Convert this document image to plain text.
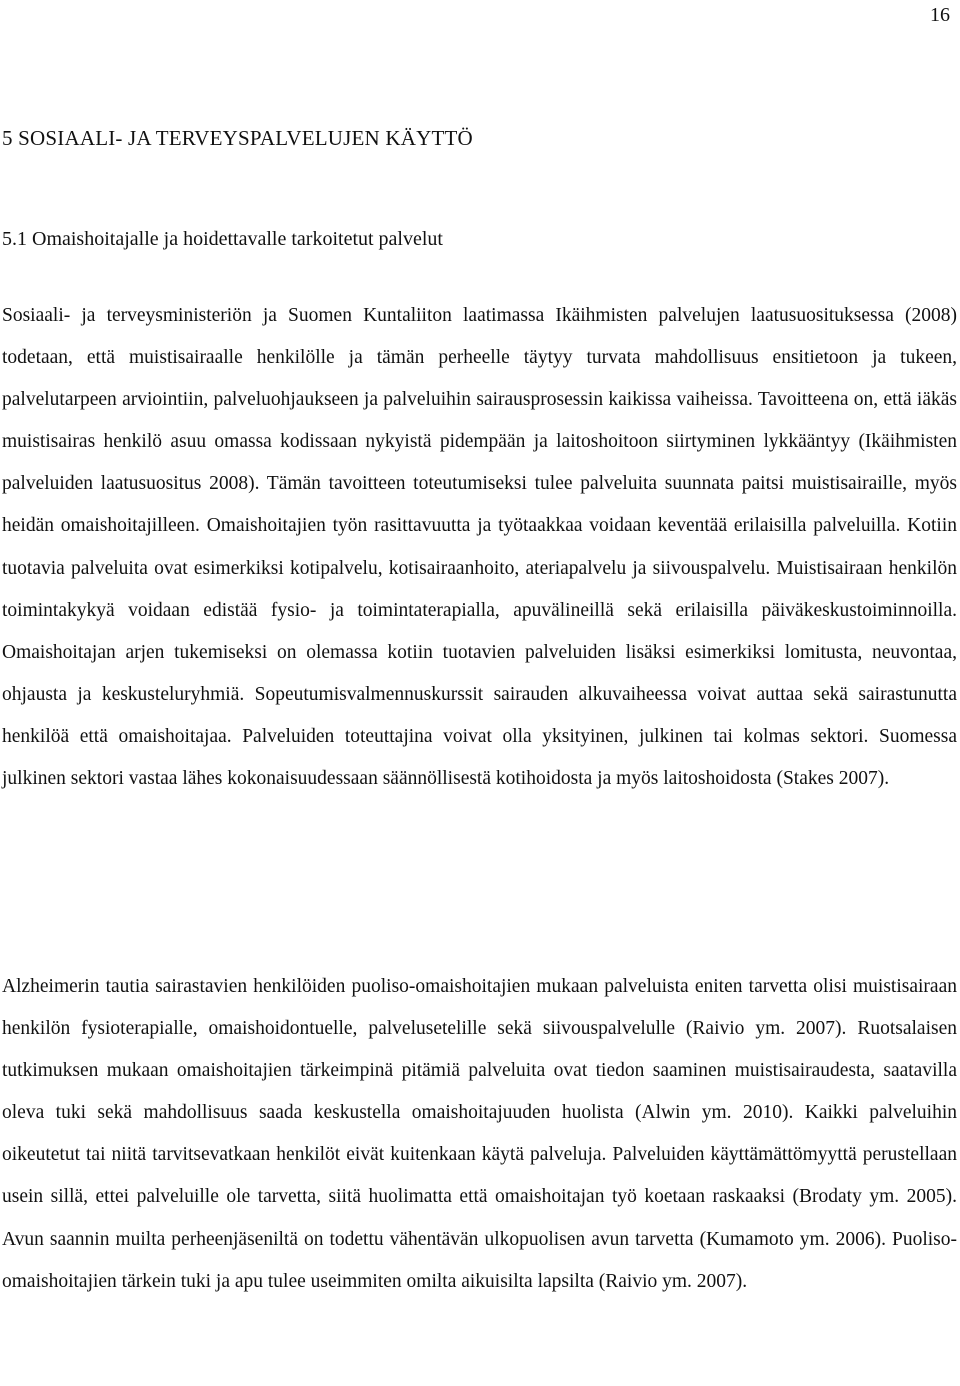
16
5 SOSIAALI- JA TERVEYSPALVELUJEN KÄYTTÖ
5.1 Omaishoitajalle ja hoidettavalle tarkoitetut palvelut

Sosiaali- ja terveysministeriön ja Suomen Kuntaliiton laatimassa Ikäihmisten palvelujen laatusuosituksessa (2008) todetaan, että muistisairaalle henkilölle ja tämän perheelle täytyy turvata mahdollisuus ensitietoon ja tukeen, palvelutarpeen arviointiin, palveluohjaukseen ja palveluihin sairausprosessin kaikissa vaiheissa. Tavoitteena on, että iäkäs muistisairas henkilö asuu omassa kodissaan nykyistä pidempään ja laitoshoitoon siirtyminen lykkääntyy (Ikäihmisten palveluiden laatusuositus 2008). Tämän tavoitteen toteutumiseksi tulee palveluita suunnata paitsi muistisairaille, myös heidän omaishoitajilleen. Omaishoitajien työn rasittavuutta ja työtaakkaa voidaan keventää erilaisilla palveluilla. Kotiin tuotavia palveluita ovat esimerkiksi kotipalvelu, kotisairaanhoito, ateriapalvelu ja siivouspalvelu. Muistisairaan henkilön toimintakykyä voidaan edistää fysio- ja toimintaterapialla, apuvälineillä sekä erilaisilla päiväkeskustoiminnoilla. Omaishoitajan arjen tukemiseksi on olemassa kotiin tuotavien palveluiden lisäksi esimerkiksi lomitusta, neuvontaa, ohjausta ja keskusteluryhmiä. Sopeutumisvalmennuskurssit sairauden alkuvaiheessa voivat auttaa sekä sairastunutta henkilöä että omaishoitajaa. Palveluiden toteuttajina voivat olla yksityinen, julkinen tai kolmas sektori. Suomessa julkinen sektori vastaa lähes kokonaisuudessaan säännöllisestä kotihoidosta ja myös laitoshoidosta (Stakes 2007).

Alzheimerin tautia sairastavien henkilöiden puoliso-omaishoitajien mukaan palveluista eniten tarvetta olisi muistisairaan henkilön fysioterapialle, omaishoidontuelle, palvelusetelille sekä siivouspalvelulle (Raivio ym. 2007). Ruotsalaisen tutkimuksen mukaan omaishoitajien tärkeimpinä pitämiä palveluita ovat tiedon saaminen muistisairaudesta, saatavilla oleva tuki sekä mahdollisuus saada keskustella omaishoitajuuden huolista (Alwin ym. 2010). Kaikki palveluihin oikeutetut tai niitä tarvitsevatkaan henkilöt eivät kuitenkaan käytä palveluja. Palveluiden käyttämättömyyttä perustellaan usein sillä, ettei palveluille ole tarvetta, siitä huolimatta että omaishoitajan työ koetaan raskaaksi (Brodaty ym. 2005). Avun saannin muilta perheenjäseniltä on todettu vähentävän ulkopuolisen avun tarvetta (Kumamoto ym. 2006). Puoliso-omaishoitajien tärkein tuki ja apu tulee useimmiten omilta aikuisilta lapsilta (Raivio ym. 2007).
